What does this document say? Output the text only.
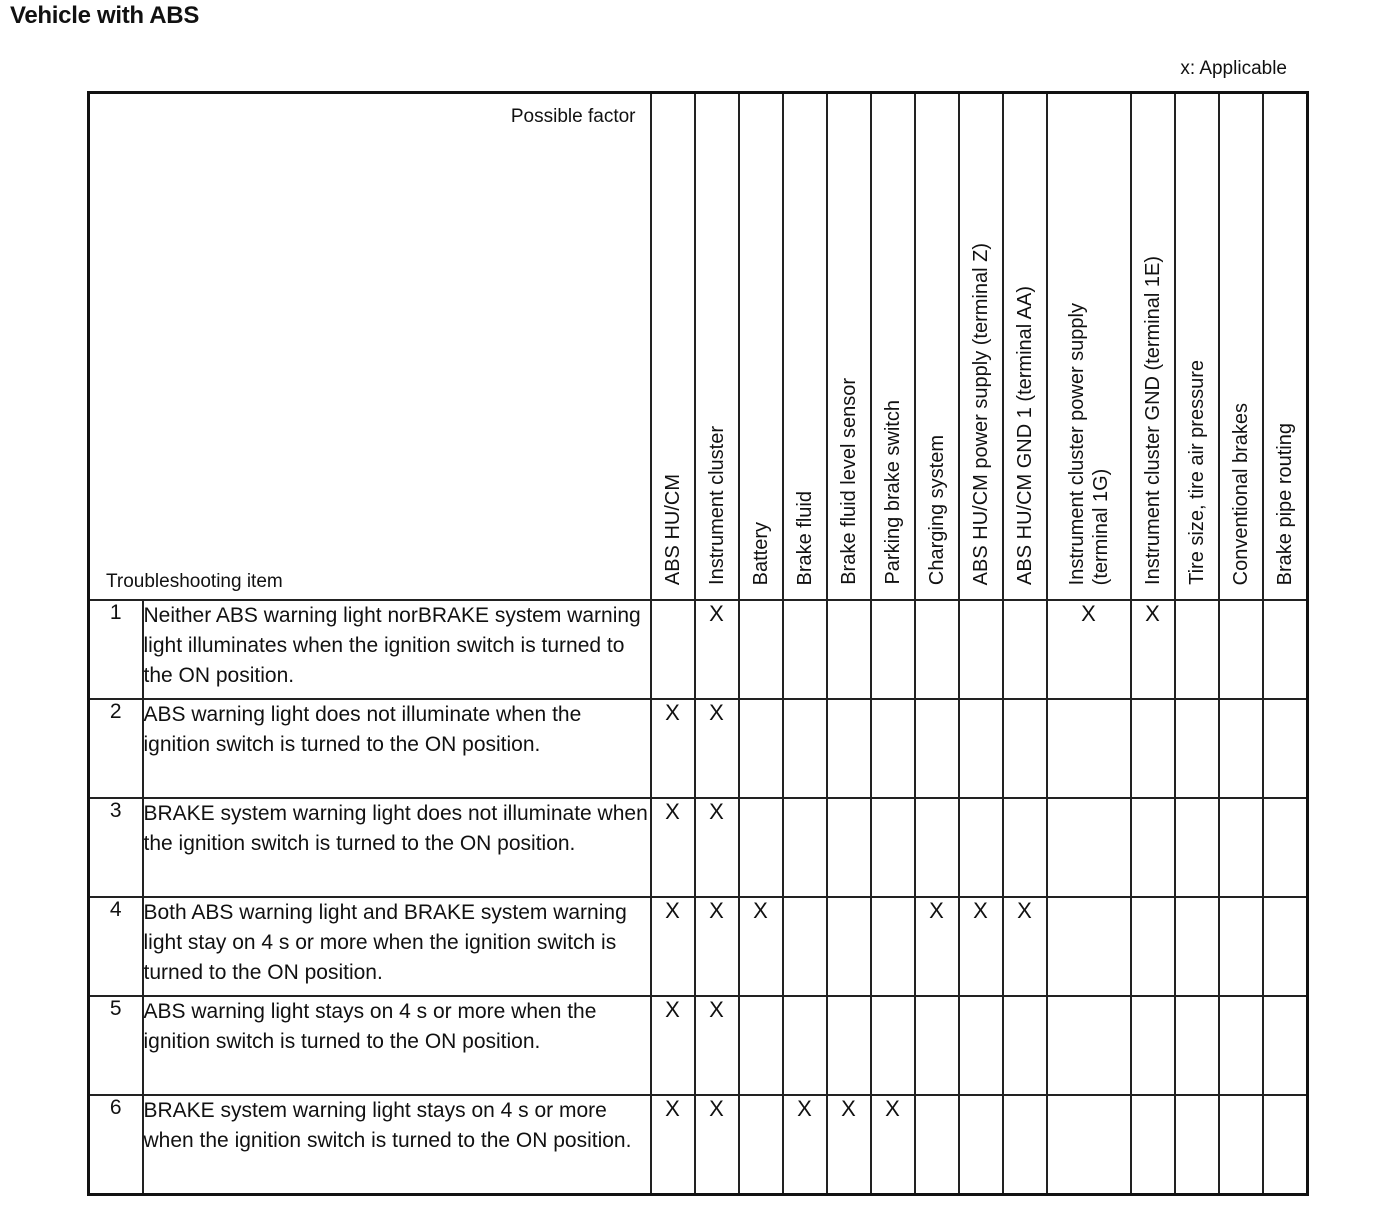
Vehicle with ABS
x: Applicable
Possible factor
Troubleshooting item		ABS HU/CM	Instrument cluster	Battery	Brake fluid	Brake fluid level sensor	Parking brake switch	Charging system	ABS HU/CM power supply (terminal Z)	ABS HU/CM GND 1 (terminal AA)	Instrument cluster power supply
(terminal 1G)	Instrument cluster GND (terminal 1E)	Tire size, tire air pressure	Conventional brakes	Brake pipe routing

1	Neither ABS warning light norBRAKE system warning light illuminates when the ignition switch is turned to the ON position.		X								X	X			
2	ABS warning light does not illuminate when the ignition switch is turned to the ON position.	X	X												
3	BRAKE system warning light does not illuminate when the ignition switch is turned to the ON position.	X	X												
4	Both ABS warning light and BRAKE system warning light stay on 4 s or more when the ignition switch is turned to the ON position.	X	X	X				X	X	X					
5	ABS warning light stays on 4 s or more when the ignition switch is turned to the ON position.	X	X												
6	BRAKE system warning light stays on 4 s or more when the ignition switch is turned to the ON position.	X	X		X	X	X								
